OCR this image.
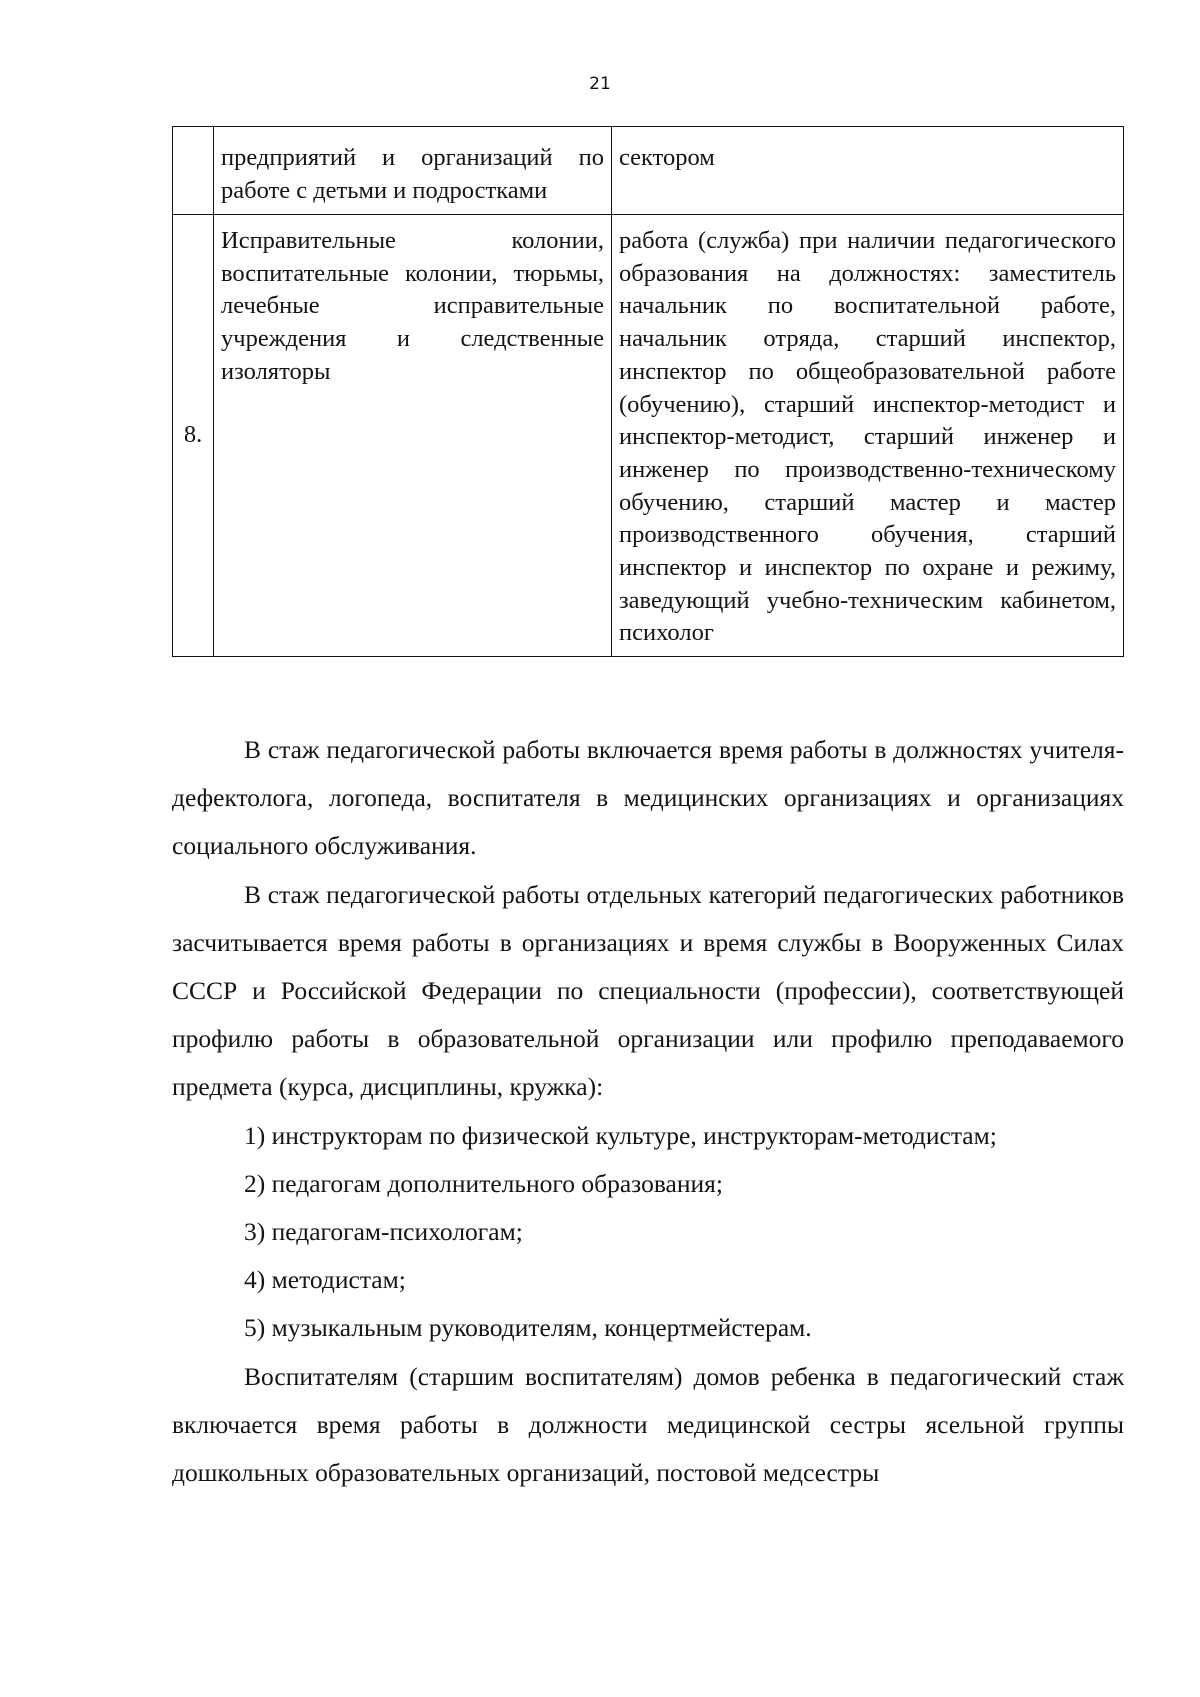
21
	предприятий и организаций по работе с детьми и подростками	сектором
8.	Исправительные колонии, воспитательные колонии, тюрьмы, лечебные исправительные учреждения и следственные изоляторы	работа (служба) при наличии педагогического образования на должностях: заместитель начальник по воспитательной работе, начальник отряда, старший инспектор, инспектор по общеобразовательной работе (обучению), старший инспектор-методист и инспектор-методист, старший инженер и инженер по производственно-техническому обучению, старший мастер и мастер производственного обучения, старший инспектор и инспектор по охране и режиму, заведующий учебно-техническим кабинетом, психолог

В стаж педагогической работы включается время работы в должностях учителя-дефектолога, логопеда, воспитателя в медицинских организациях и организациях социального обслуживания.

В стаж педагогической работы отдельных категорий педагогических работников засчитывается время работы в организациях и время службы в Вооруженных Силах СССР и Российской Федерации по специальности (профессии), соответствующей профилю работы в образовательной организации или профилю преподаваемого предмета (курса, дисциплины, кружка):

1) инструкторам по физической культуре, инструкторам-методистам;

2) педагогам дополнительного образования;

3) педагогам-психологам;

4) методистам;

5) музыкальным руководителям, концертмейстерам.

Воспитателям (старшим воспитателям) домов ребенка в педагогический стаж включается время работы в должности медицинской сестры ясельной группы дошкольных образовательных организаций, постовой медсестры
